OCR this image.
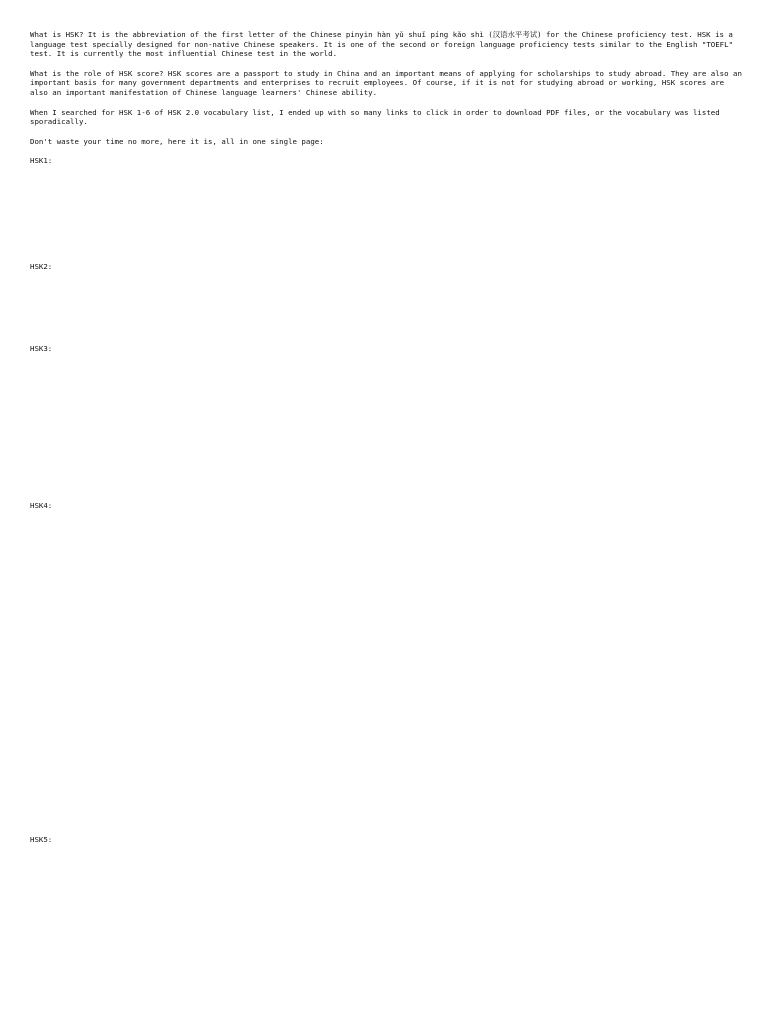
What is HSK? It is the abbreviation of the first letter of the Chinese pinyin hàn yǔ shuǐ píng kǎo shì (汉语水平考试) for the Chinese proficiency test. HSK is a language test specially designed for non-native Chinese speakers. It is one of the second or foreign language proficiency tests similar to the English "TOEFL" test. It is currently the most influential Chinese test in the world.

What is the role of HSK score? HSK scores are a passport to study in China and an important means of applying for scholarships to study abroad. They are also an important basis for many government departments and enterprises to recruit employees. Of course, if it is not for studying abroad or working, HSK scores are also an important manifestation of Chinese language learners' Chinese ability.

When I searched for HSK 1-6 of HSK 2.0 vocabulary list, I ended up with so many links to click in order to download PDF files, or the vocabulary was listed sporadically.

Don't waste your time no more, here it is, all in one single page:

HSK1:

HSK2:

HSK3:

HSK4:

HSK5:
